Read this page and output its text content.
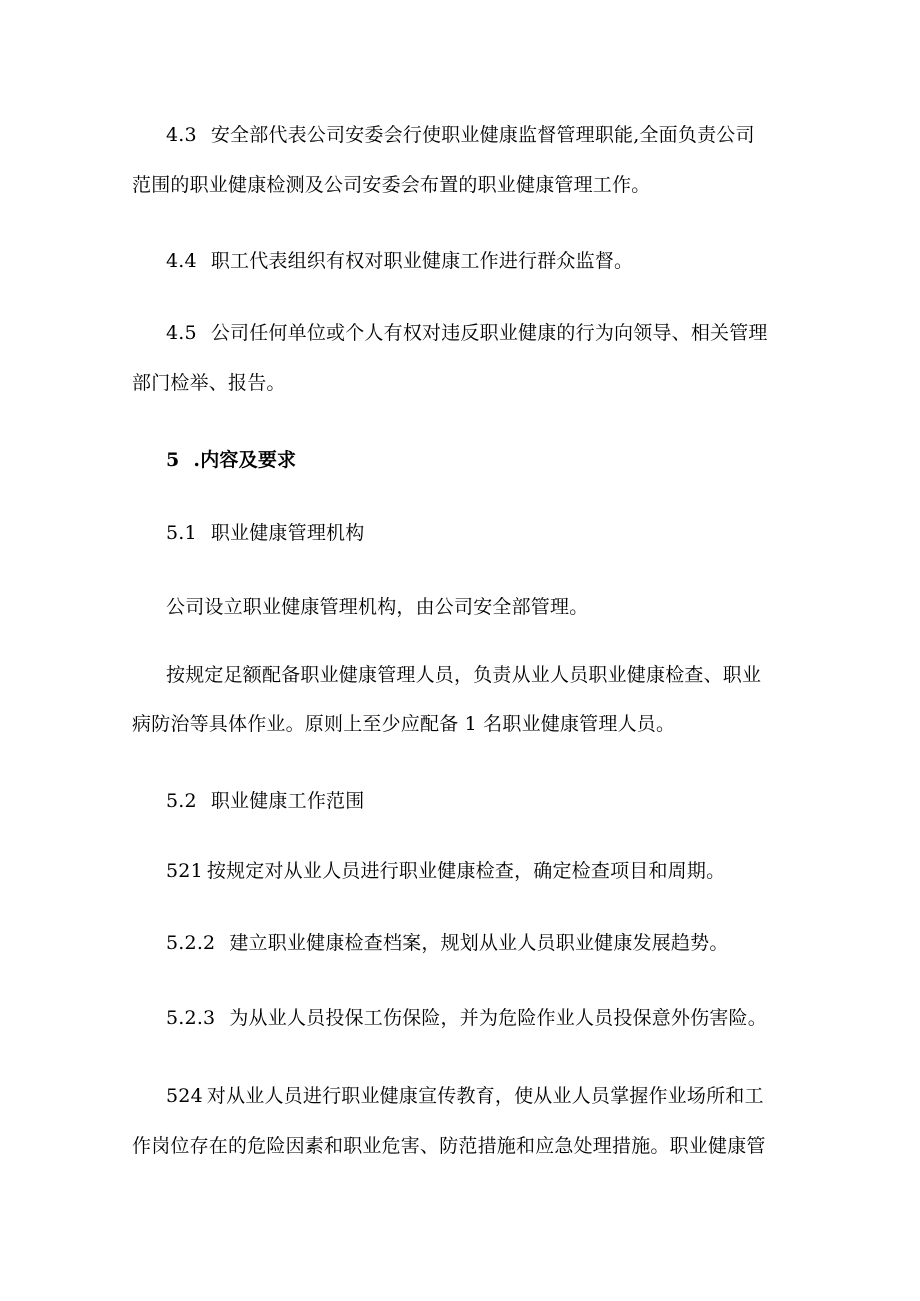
4.3 安全部代表公司安委会行使职业健康监督管理职能,全面负责公司
范围的职业健康检测及公司安委会布置的职业健康管理工作。
4.4 职工代表组织有权对职业健康工作进行群众监督。
4.5 公司任何单位或个人有权对违反职业健康的行为向领导、相关管理
部门检举、报告。
5 .内容及要求
5.1 职业健康管理机构
公司设立职业健康管理机构，由公司安全部管理。
按规定足额配备职业健康管理人员，负责从业人员职业健康检查、职业
病防治等具体作业。原则上至少应配备 1 名职业健康管理人员。
5.2 职业健康工作范围
521 按规定对从业人员进行职业健康检查，确定检查项目和周期。
5.2.2 建立职业健康检查档案，规划从业人员职业健康发展趋势。
5.2.3 为从业人员投保工伤保险，并为危险作业人员投保意外伤害险。
524 对从业人员进行职业健康宣传教育，使从业人员掌握作业场所和工
作岗位存在的危险因素和职业危害、防范措施和应急处理措施。职业健康管
